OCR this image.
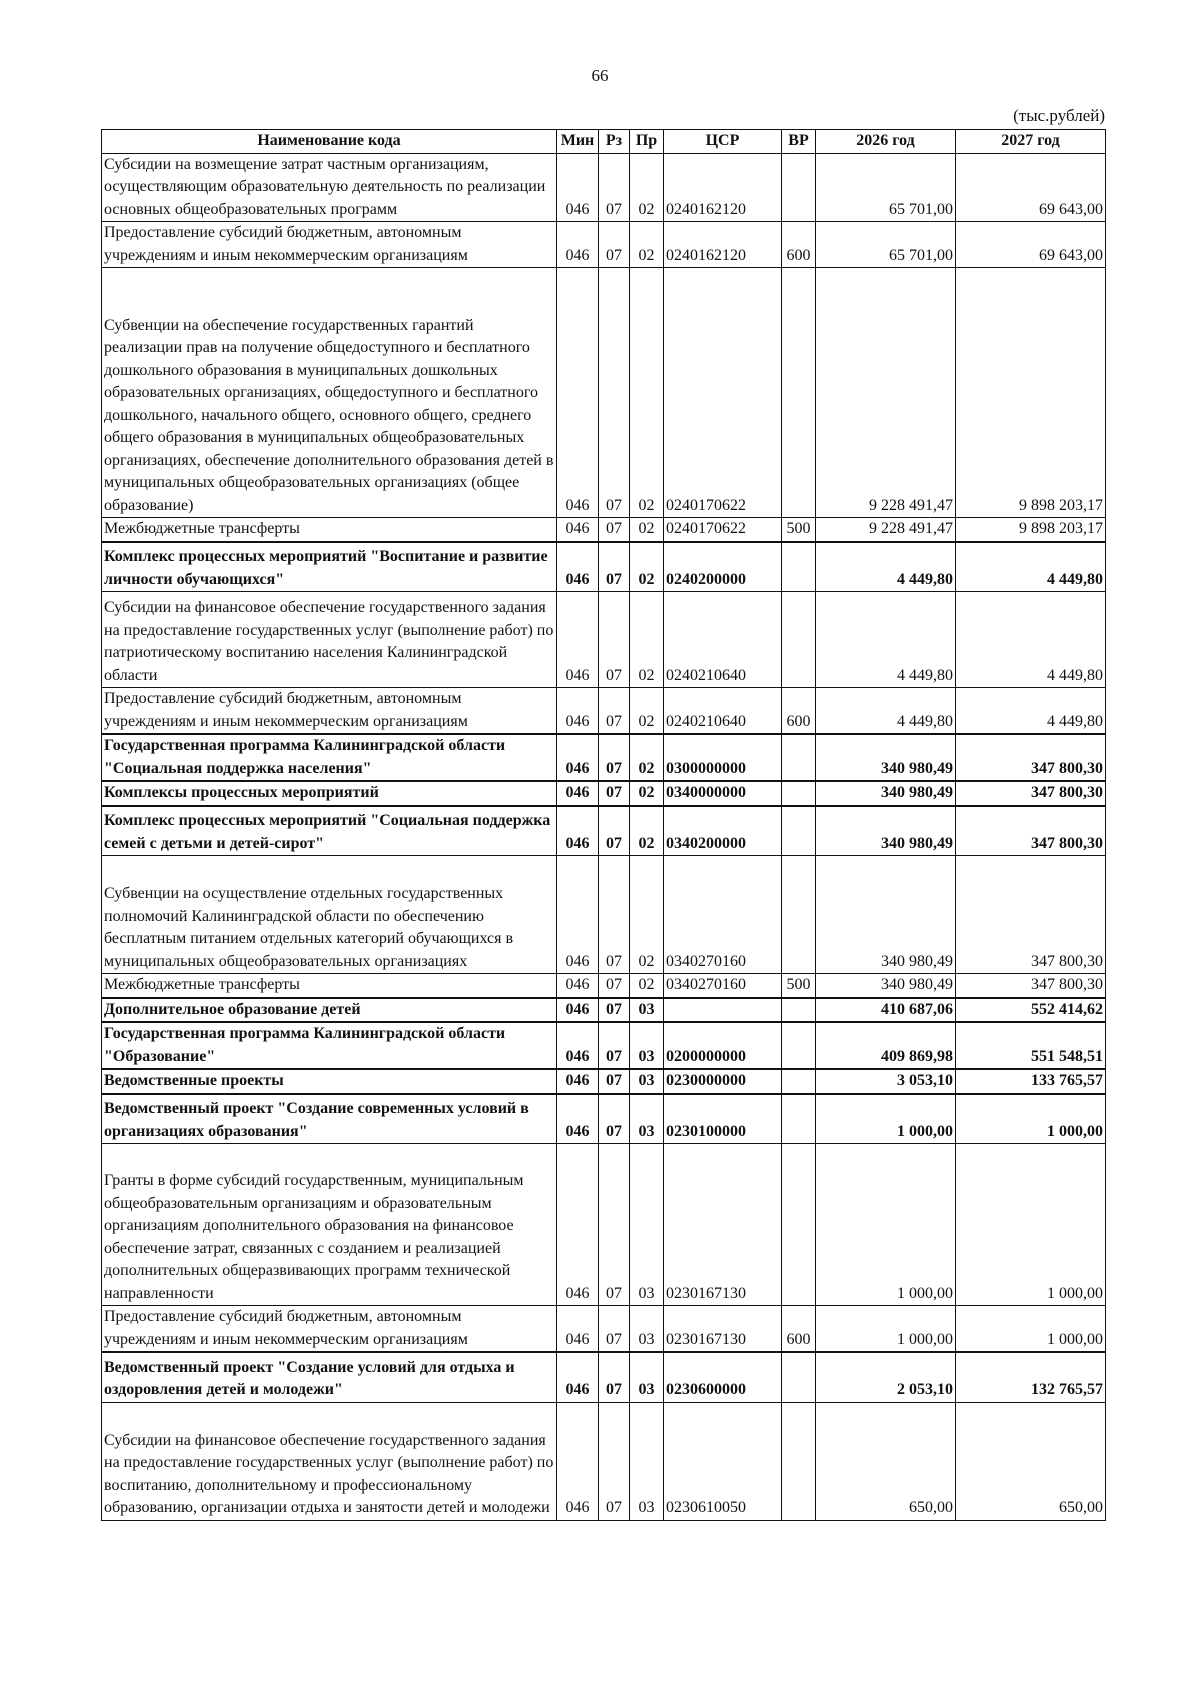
66
(тыс.рублей)
Наименование кода	Мин	Рз	Пр	ЦСР	ВР	2026 год	2027 год
Субсидии на возмещение затрат частным организациям, осуществляющим образовательную деятельность по реализации основных общеобразовательных программ	046	07	02	0240162120		65 701,00	69 643,00
Предоставление субсидий бюджетным, автономным учреждениям и иным некоммерческим организациям	046	07	02	0240162120	600	65 701,00	69 643,00
Субвенции на обеспечение государственных гарантий реализации прав на получение общедоступного и бесплатного дошкольного образования в муниципальных дошкольных образовательных организациях, общедоступного и бесплатного дошкольного, начального общего, основного общего, среднего общего образования в муниципальных общеобразовательных организациях, обеспечение дополнительного образования детей в муниципальных общеобразовательных организациях (общее образование)	046	07	02	0240170622		9 228 491,47	9 898 203,17
Межбюджетные трансферты	046	07	02	0240170622	500	9 228 491,47	9 898 203,17
Комплекс процессных мероприятий "Воспитание и развитие личности обучающихся"	046	07	02	0240200000		4 449,80	4 449,80
Субсидии на финансовое обеспечение государственного задания на предоставление государственных услуг (выполнение работ) по патриотическому воспитанию населения Калининградской области	046	07	02	0240210640		4 449,80	4 449,80
Предоставление субсидий бюджетным, автономным учреждениям и иным некоммерческим организациям	046	07	02	0240210640	600	4 449,80	4 449,80
Государственная программа Калининградской области "Социальная поддержка населения"	046	07	02	0300000000		340 980,49	347 800,30
Комплексы процессных мероприятий	046	07	02	0340000000		340 980,49	347 800,30
Комплекс процессных мероприятий "Социальная поддержка семей с детьми и детей-сирот"	046	07	02	0340200000		340 980,49	347 800,30
Субвенции на осуществление отдельных государственных полномочий Калининградской области по обеспечению бесплатным питанием отдельных категорий обучающихся в муниципальных общеобразовательных организациях	046	07	02	0340270160		340 980,49	347 800,30
Межбюджетные трансферты	046	07	02	0340270160	500	340 980,49	347 800,30
Дополнительное образование детей	046	07	03			410 687,06	552 414,62
Государственная программа Калининградской области "Образование"	046	07	03	0200000000		409 869,98	551 548,51
Ведомственные проекты	046	07	03	0230000000		3 053,10	133 765,57
Ведомственный проект "Создание современных условий в организациях образования"	046	07	03	0230100000		1 000,00	1 000,00
Гранты в форме субсидий государственным, муниципальным общеобразовательным организациям и образовательным организациям дополнительного образования на финансовое обеспечение затрат, связанных с созданием и реализацией дополнительных общеразвивающих программ технической направленности	046	07	03	0230167130		1 000,00	1 000,00
Предоставление субсидий бюджетным, автономным учреждениям и иным некоммерческим организациям	046	07	03	0230167130	600	1 000,00	1 000,00
Ведомственный проект "Создание условий для отдыха и оздоровления детей и молодежи"	046	07	03	0230600000		2 053,10	132 765,57
Субсидии на финансовое обеспечение государственного задания на предоставление государственных услуг (выполнение работ) по воспитанию, дополнительному и профессиональному образованию, организации отдыха и занятости детей и молодежи	046	07	03	0230610050		650,00	650,00
